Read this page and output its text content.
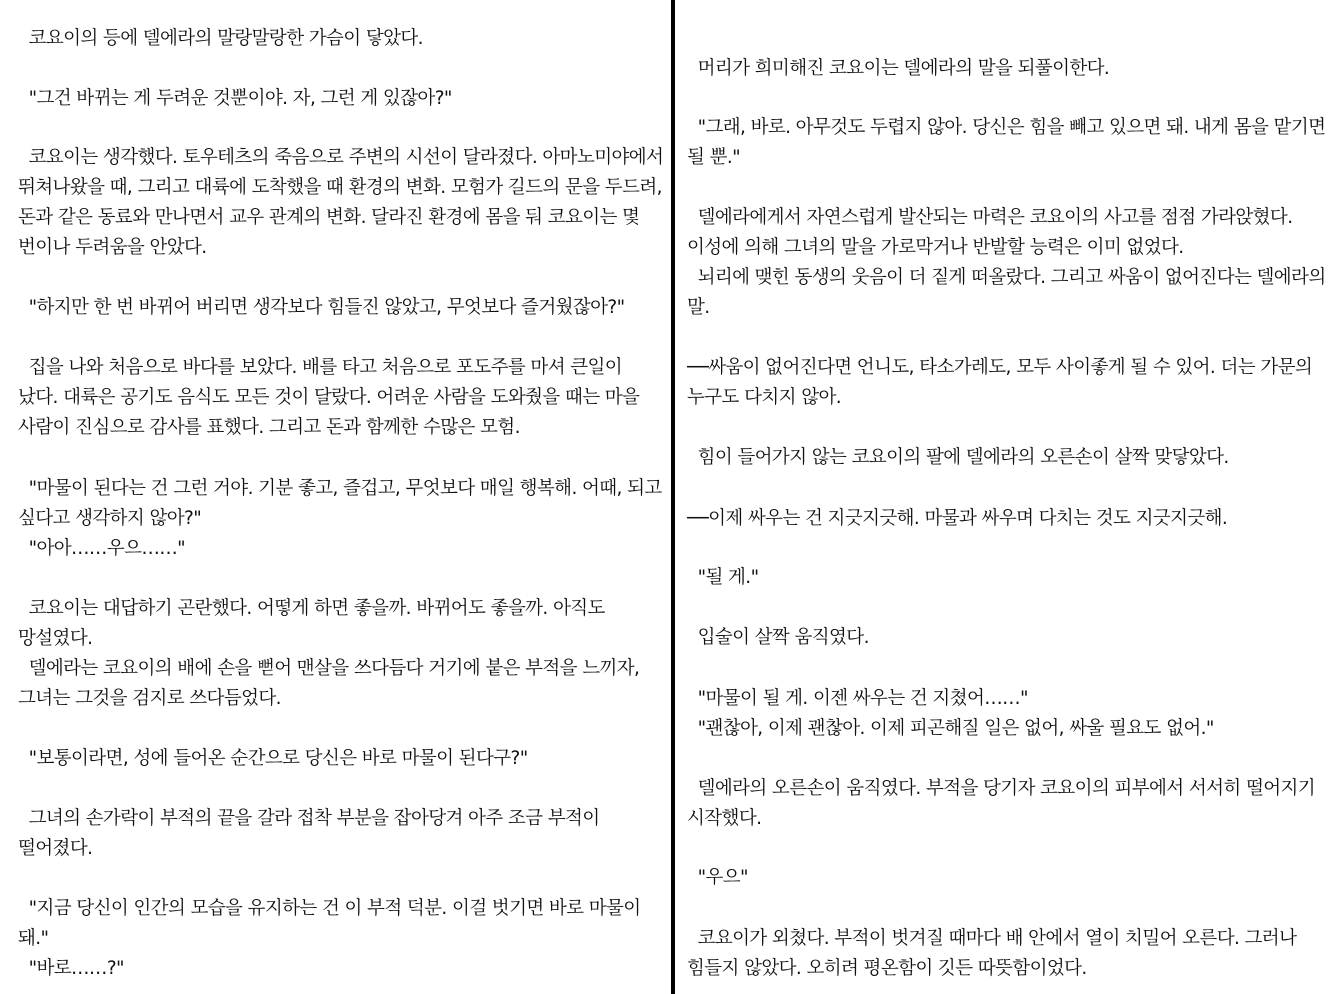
코요이의 등에 델에라의 말랑말랑한 가슴이 닿았다.

"그건 바뀌는 게 두려운 것뿐이야. 자, 그런 게 있잖아?"

코요이는 생각했다. 토우테츠의 죽음으로 주변의 시선이 달라졌다. 아마노미야에서
뛰쳐나왔을 때, 그리고 대륙에 도착했을 때 환경의 변화. 모험가 길드의 문을 두드려,
돈과 같은 동료와 만나면서 교우 관계의 변화. 달라진 환경에 몸을 둬 코요이는 몇
번이나 두려움을 안았다.

"하지만 한 번 바뀌어 버리면 생각보다 힘들진 않았고, 무엇보다 즐거웠잖아?"

집을 나와 처음으로 바다를 보았다. 배를 타고 처음으로 포도주를 마셔 큰일이
났다. 대륙은 공기도 음식도 모든 것이 달랐다. 어려운 사람을 도와줬을 때는 마을
사람이 진심으로 감사를 표했다. 그리고 돈과 함께한 수많은 모험.

"마물이 된다는 건 그런 거야. 기분 좋고, 즐겁고, 무엇보다 매일 행복해. 어때, 되고
싶다고 생각하지 않아?"
"아아……우으……"

코요이는 대답하기 곤란했다. 어떻게 하면 좋을까. 바뀌어도 좋을까. 아직도
망설였다.
델에라는 코요이의 배에 손을 뻗어 맨살을 쓰다듬다 거기에 붙은 부적을 느끼자,
그녀는 그것을 검지로 쓰다듬었다.

"보통이라면, 성에 들어온 순간으로 당신은 바로 마물이 된다구?"

그녀의 손가락이 부적의 끝을 갈라 접착 부분을 잡아당겨 아주 조금 부적이
떨어졌다.

"지금 당신이 인간의 모습을 유지하는 건 이 부적 덕분. 이걸 벗기면 바로 마물이
돼."
"바로……?"

머리가 희미해진 코요이는 델에라의 말을 되풀이한다.

"그래, 바로. 아무것도 두렵지 않아. 당신은 힘을 빼고 있으면 돼. 내게 몸을 맡기면
될 뿐."

델에라에게서 자연스럽게 발산되는 마력은 코요이의 사고를 점점 가라앉혔다.
이성에 의해 그녀의 말을 가로막거나 반발할 능력은 이미 없었다.
뇌리에 맺힌 동생의 웃음이 더 짙게 떠올랐다. 그리고 싸움이 없어진다는 델에라의
말.

──싸움이 없어진다면 언니도, 타소가레도, 모두 사이좋게 될 수 있어. 더는 가문의
누구도 다치지 않아.

힘이 들어가지 않는 코요이의 팔에 델에라의 오른손이 살짝 맞닿았다.

──이제 싸우는 건 지긋지긋해. 마물과 싸우며 다치는 것도 지긋지긋해.

"될 게."

입술이 살짝 움직였다.

"마물이 될 게. 이젠 싸우는 건 지쳤어……"
"괜찮아, 이제 괜찮아. 이제 피곤해질 일은 없어, 싸울 필요도 없어."

델에라의 오른손이 움직였다. 부적을 당기자 코요이의 피부에서 서서히 떨어지기
시작했다.

"우으"

코요이가 외쳤다. 부적이 벗겨질 때마다 배 안에서 열이 치밀어 오른다. 그러나
힘들지 않았다. 오히려 평온함이 깃든 따뜻함이었다.
